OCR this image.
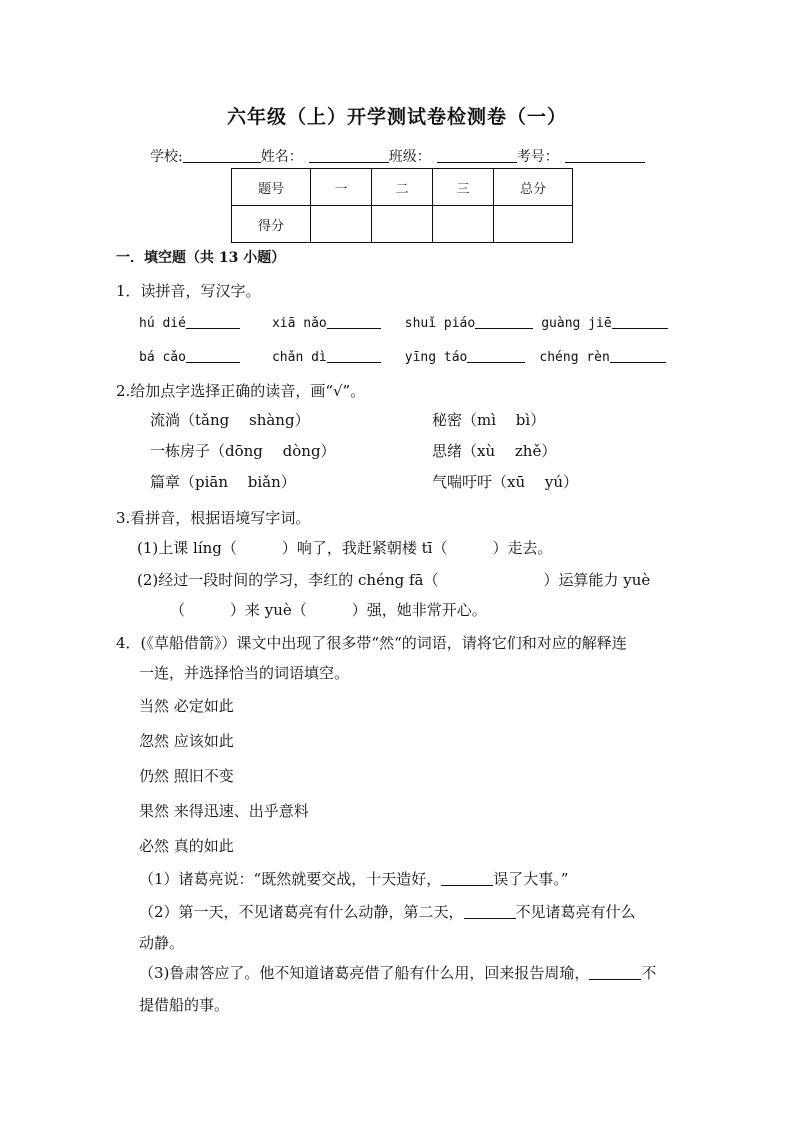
六年级（上）开学测试卷检测卷（一）
学校:	姓名：	班级：	考号：
题号	一	二	三	总分
得分				
一．填空题（共 13 小题）
1．读拼音，写汉字。
hú dié	xiā nǎo	shuǐ piáo	guàng jiē
bá cǎo	chǎn dì	yīng táo	chéng rèn
2.给加点字选择正确的读音，画“√”。
流淌（tǎng　 shàng）	秘密（mì　 bì）
一栋房子（dōng　 dòng）	思绪（xù　 zhě）
篇章（piān　 biǎn）	气喘吁吁（xū　 yú）
3.看拼音，根据语境写字词。
(1)上课 líng（　　　）响了，我赶紧朝楼 tī（　　　）走去。
(2)经过一段时间的学习，李红的 chéng fā（　　　　　　　）运算能力 yuè
（　　　）来 yuè（　　　）强，她非常开心。
4．(《草船借箭》）课文中出现了很多带“然“的词语，请将它们和对应的解释连
一连，并选择恰当的词语填空。
当然 必定如此
忽然 应该如此
仍然 照旧不变
果然 来得迅速、出乎意料
必然 真的如此
（1）诸葛亮说：“既然就要交战，十天造好，	误了大事。”
（2）第一天，不见诸葛亮有什么动静，第二天，	不见诸葛亮有什么
动静。
（3)鲁肃答应了。他不知道诸葛亮借了船有什么用，回来报告周瑜，	不
提借船的事。
